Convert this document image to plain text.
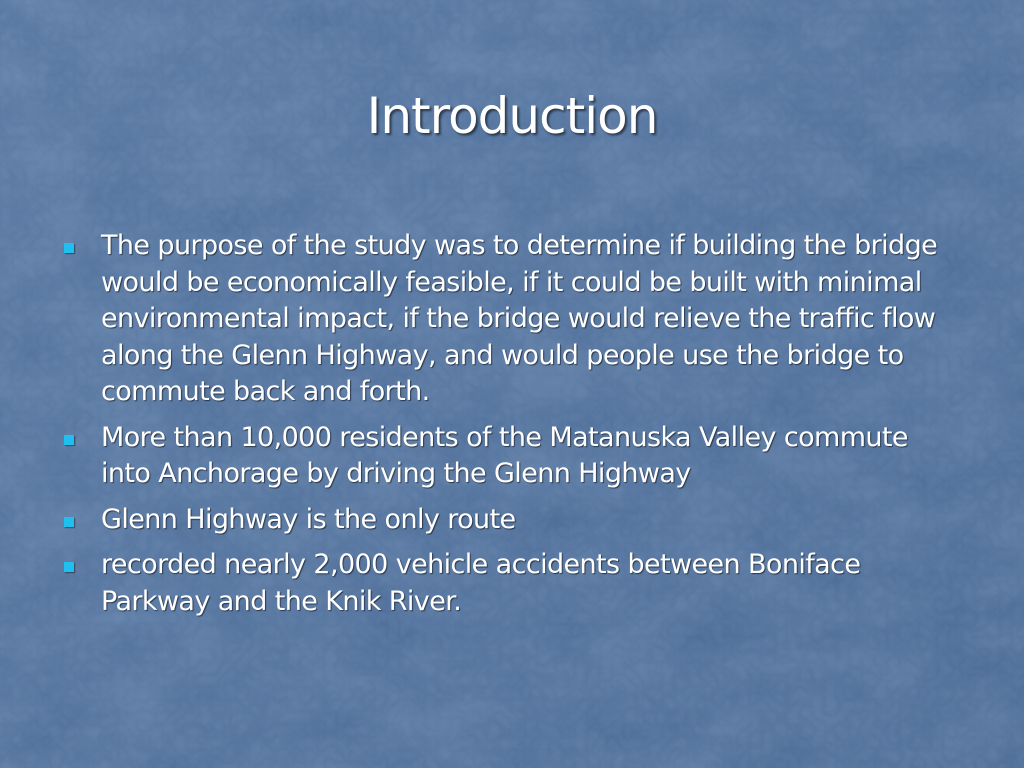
Introduction
The purpose of the study was to determine if building the bridge would be economically feasible, if it could be built with minimal environmental impact, if the bridge would relieve the traffic flow along the Glenn Highway, and would people use the bridge to commute back and forth.
More than 10,000 residents of the Matanuska Valley commute into Anchorage by driving the Glenn Highway
Glenn Highway is the only route
recorded nearly 2,000 vehicle accidents between Boniface Parkway and the Knik River.
